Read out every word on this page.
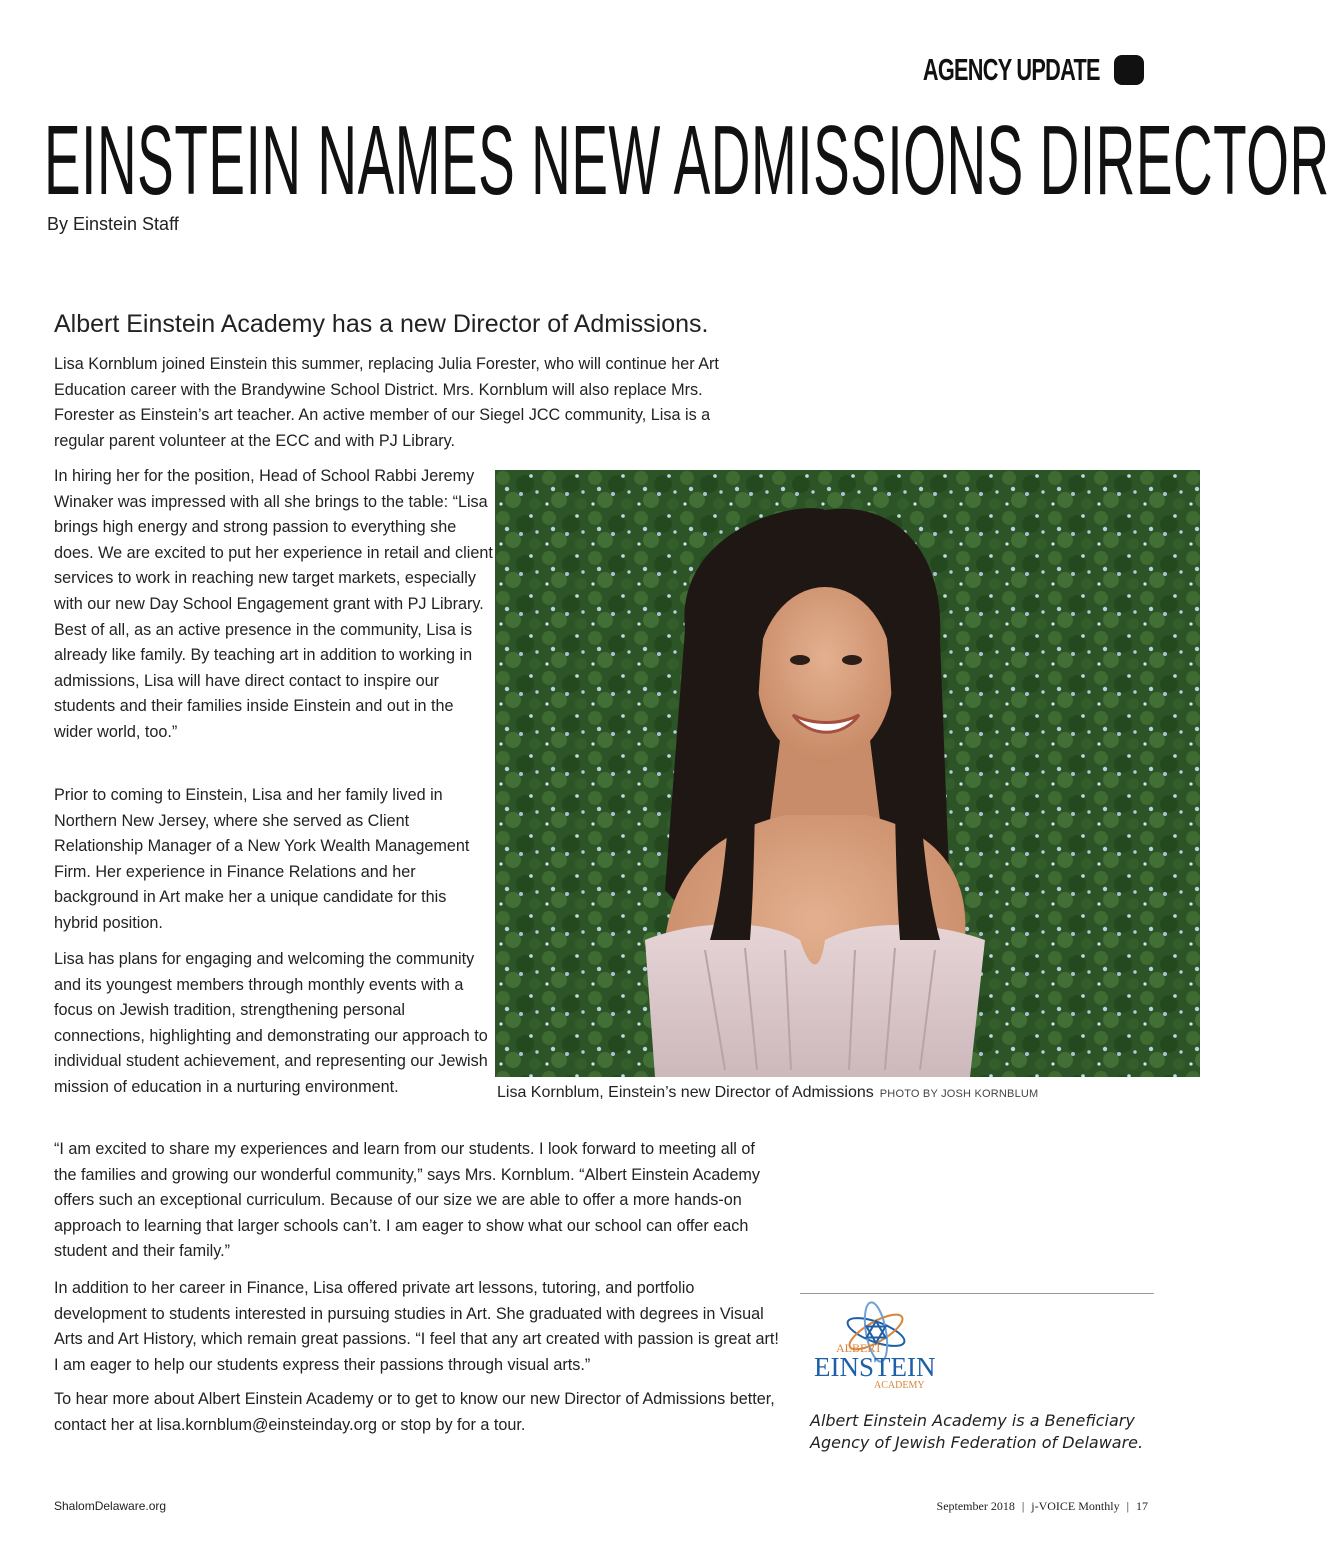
AGENCY UPDATE
EINSTEIN NAMES NEW ADMISSIONS DIRECTOR
By Einstein Staff
Albert Einstein Academy has a new Director of Admissions.

Lisa Kornblum joined Einstein this summer, replacing Julia Forester, who will continue her Art Education career with the Brandywine School District. Mrs. Kornblum will also replace Mrs. Forester as Einstein’s art teacher. An active member of our Siegel JCC community, Lisa is a regular parent volunteer at the ECC and with PJ Library.

In hiring her for the position, Head of School Rabbi Jeremy Winaker was impressed with all she brings to the table: “Lisa brings high energy and strong passion to everything she does. We are excited to put her experience in retail and client services to work in reaching new target markets, especially with our new Day School Engagement grant with PJ Library. Best of all, as an active presence in the community, Lisa is already like family. By teaching art in addition to working in admissions, Lisa will have direct contact to inspire our students and their families inside Einstein and out in the wider world, too.”

Prior to coming to Einstein, Lisa and her family lived in Northern New Jersey, where she served as Client Relationship Manager of a New York Wealth Management Firm. Her experience in Finance Relations and her background in Art make her a unique candidate for this hybrid position.

Lisa has plans for engaging and welcoming the community and its youngest members through monthly events with a focus on Jewish tradition, strengthening personal connections, highlighting and demonstrating our approach to individual student achievement, and representing our Jewish mission of education in a nurturing environment.

“I am excited to share my experiences and learn from our students. I look forward to meeting all of the families and growing our wonderful community,” says Mrs. Kornblum. “Albert Einstein Academy offers such an exceptional curriculum. Because of our size we are able to offer a more hands-on approach to learning that larger schools can’t. I am eager to show what our school can offer each student and their family.”

In addition to her career in Finance, Lisa offered private art lessons, tutoring, and portfolio development to students interested in pursuing studies in Art. She graduated with degrees in Visual Arts and Art History, which remain great passions. “I feel that any art created with passion is great art! I am eager to help our students express their passions through visual arts.”

To hear more about Albert Einstein Academy or to get to know our new Director of Admissions better, contact her at lisa.kornblum@einsteinday.org or stop by for a tour.

Lisa Kornblum, Einstein’s new Director of Admissions PHOTO BY JOSH KORNBLUM
ALBERT
EINSTEIN
ACADEMY
Albert Einstein Academy is a Beneficiary Agency of Jewish Federation of Delaware.
ShalomDelaware.org	September 2018 | j-VOICE Monthly | 17
